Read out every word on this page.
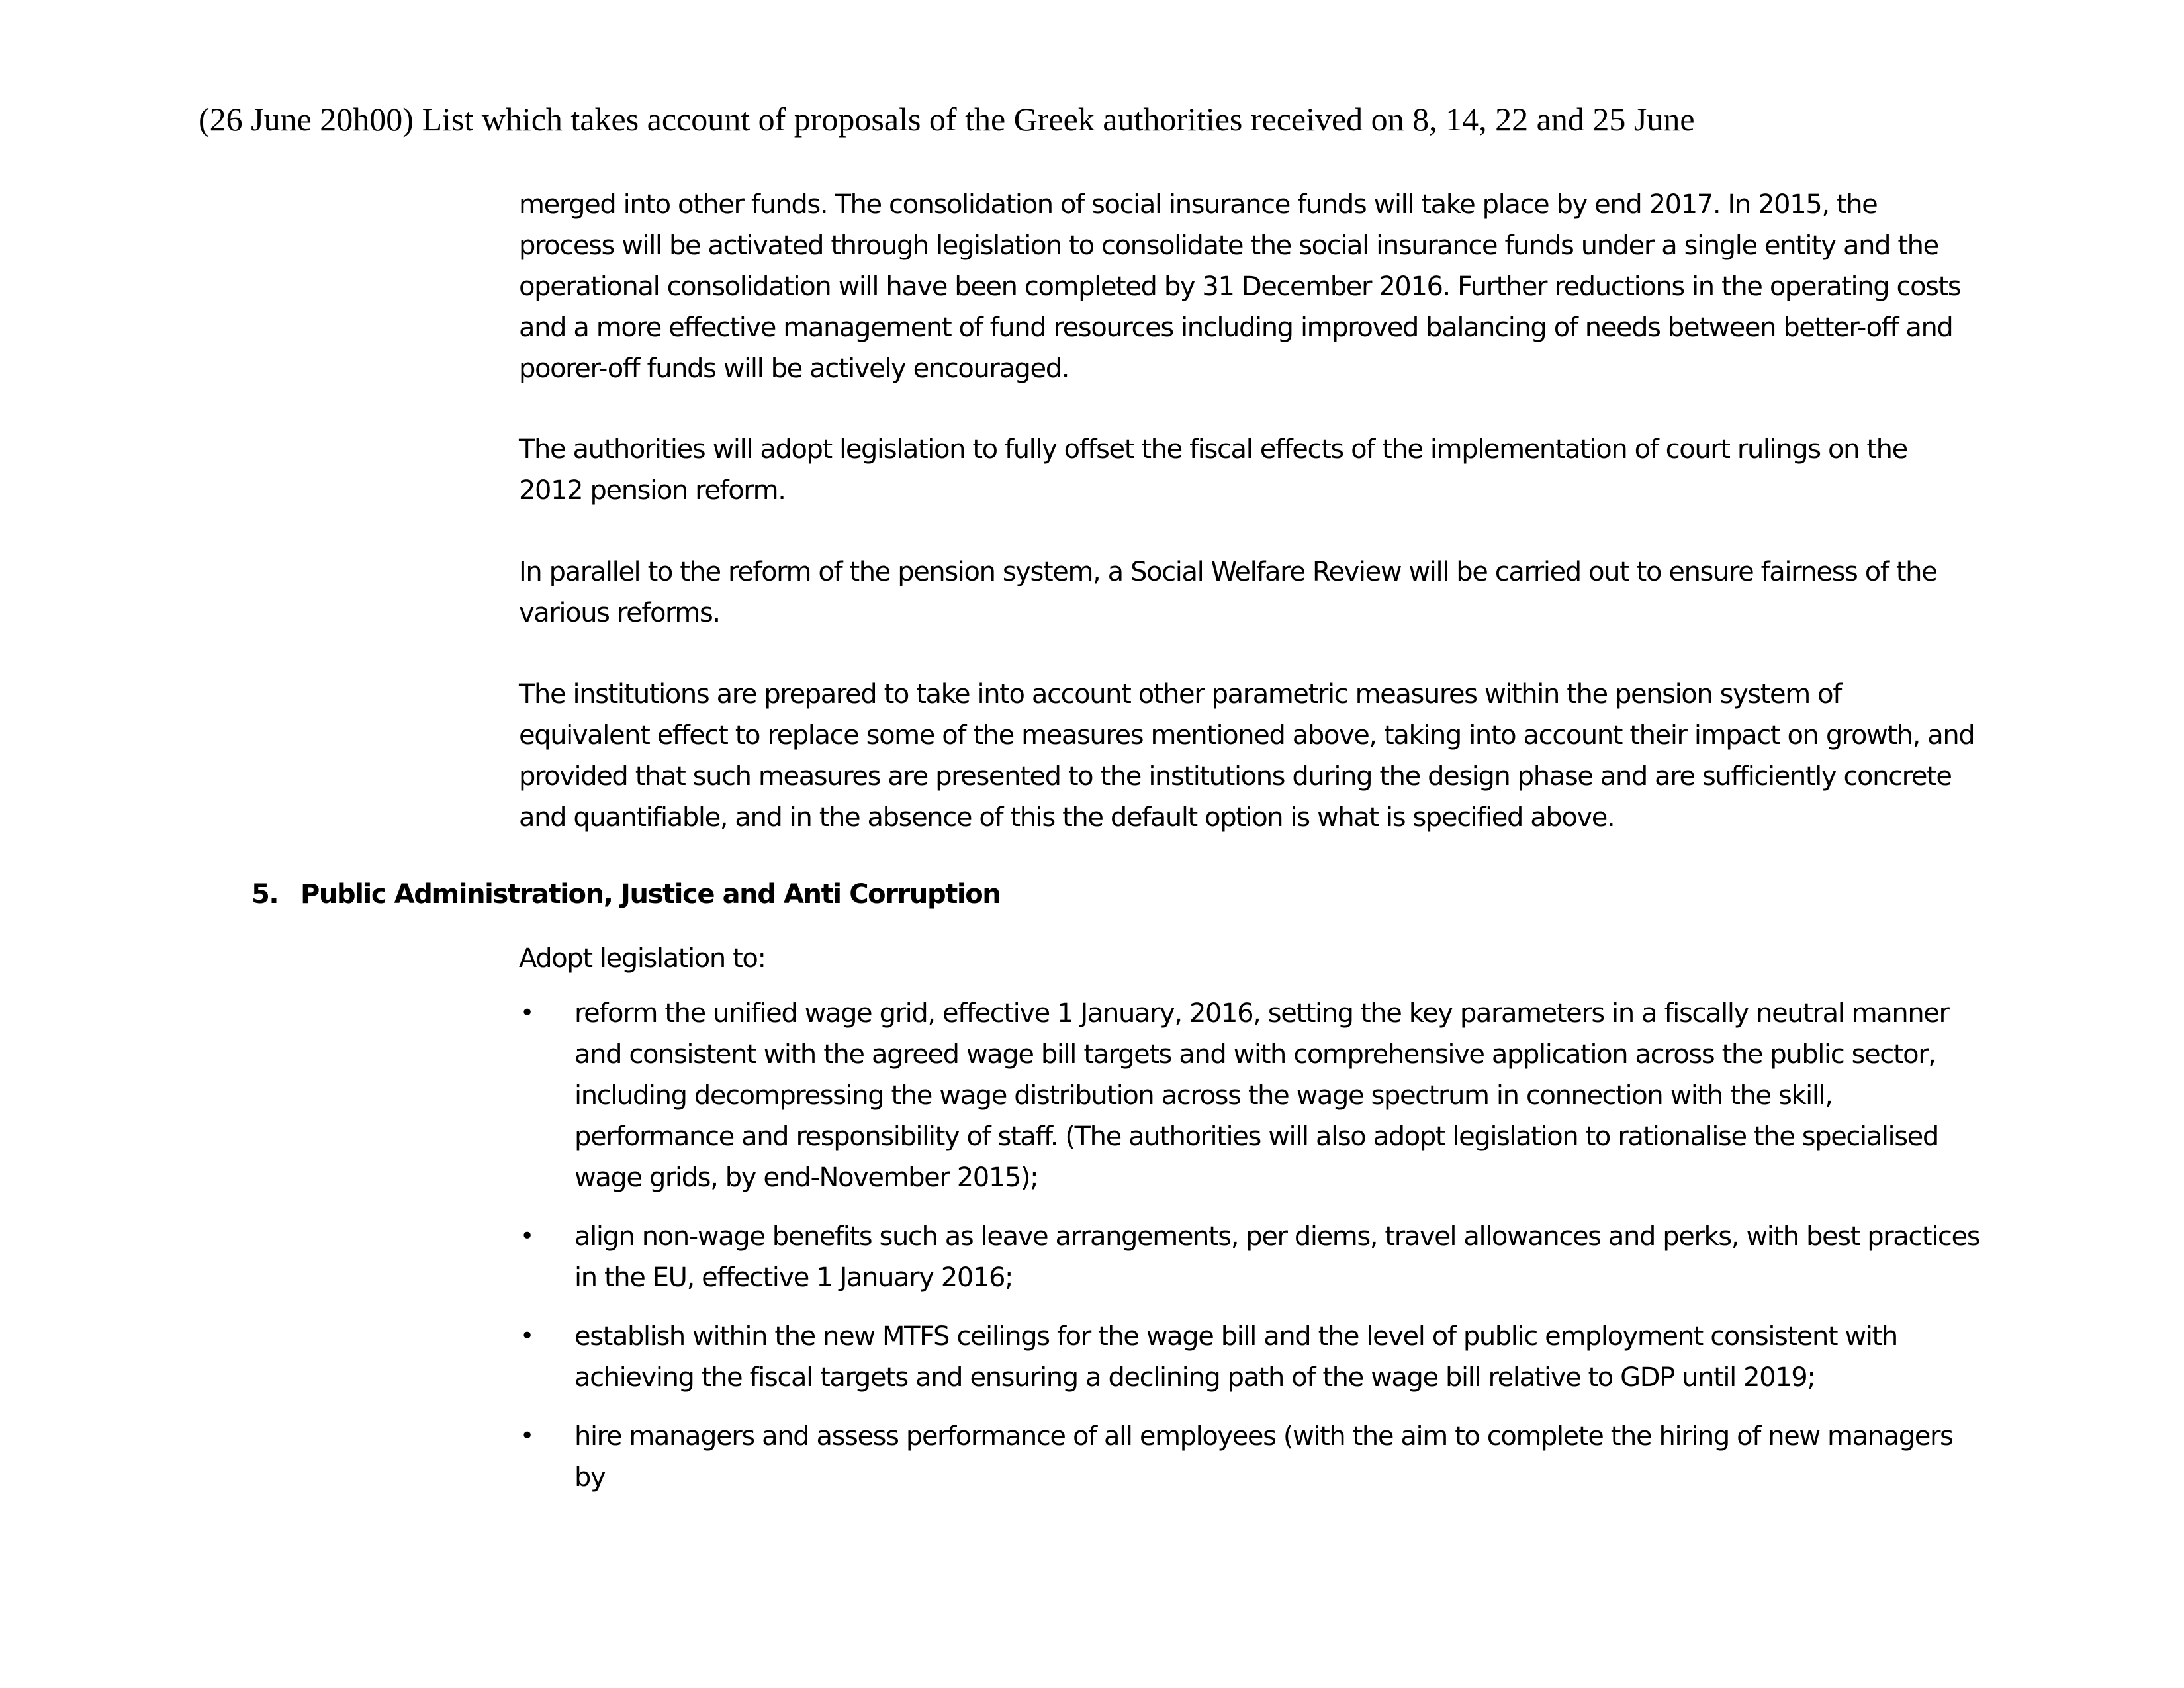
(26 June 20h00) List which takes account of proposals of the Greek authorities received on 8, 14, 22 and 25 June

merged into other funds. The consolidation of social insurance funds will take place by end 2017. In 2015, the process will be activated through legislation to consolidate the social insurance funds under a single entity and the operational consolidation will have been completed by 31 December 2016. Further reductions in the operating costs and a more effective management of fund resources including improved balancing of needs between better-off and poorer-off funds will be actively encouraged.

The authorities will adopt legislation to fully offset the fiscal effects of the implementation of court rulings on the 2012 pension reform.

In parallel to the reform of the pension system, a Social Welfare Review will be carried out to ensure fairness of the various reforms.

The institutions are prepared to take into account other parametric measures within the pension system of equivalent effect to replace some of the measures mentioned above, taking into account their impact on growth, and provided that such measures are presented to the institutions during the design phase and are sufficiently concrete and quantifiable, and in the absence of this the default option is what is specified above.

5. Public Administration, Justice and Anti Corruption

Adopt legislation to:

• reform the unified wage grid, effective 1 January, 2016, setting the key parameters in a fiscally neutral manner and consistent with the agreed wage bill targets and with comprehensive application across the public sector, including decompressing the wage distribution across the wage spectrum in connection with the skill, performance and responsibility of staff. (The authorities will also adopt legislation to rationalise the specialised wage grids, by end-November 2015);
• align non-wage benefits such as leave arrangements, per diems, travel allowances and perks, with best practices in the EU, effective 1 January 2016;
• establish within the new MTFS ceilings for the wage bill and the level of public employment consistent with achieving the fiscal targets and ensuring a declining path of the wage bill relative to GDP until 2019;
• hire managers and assess performance of all employees (with the aim to complete the hiring of new managers by
